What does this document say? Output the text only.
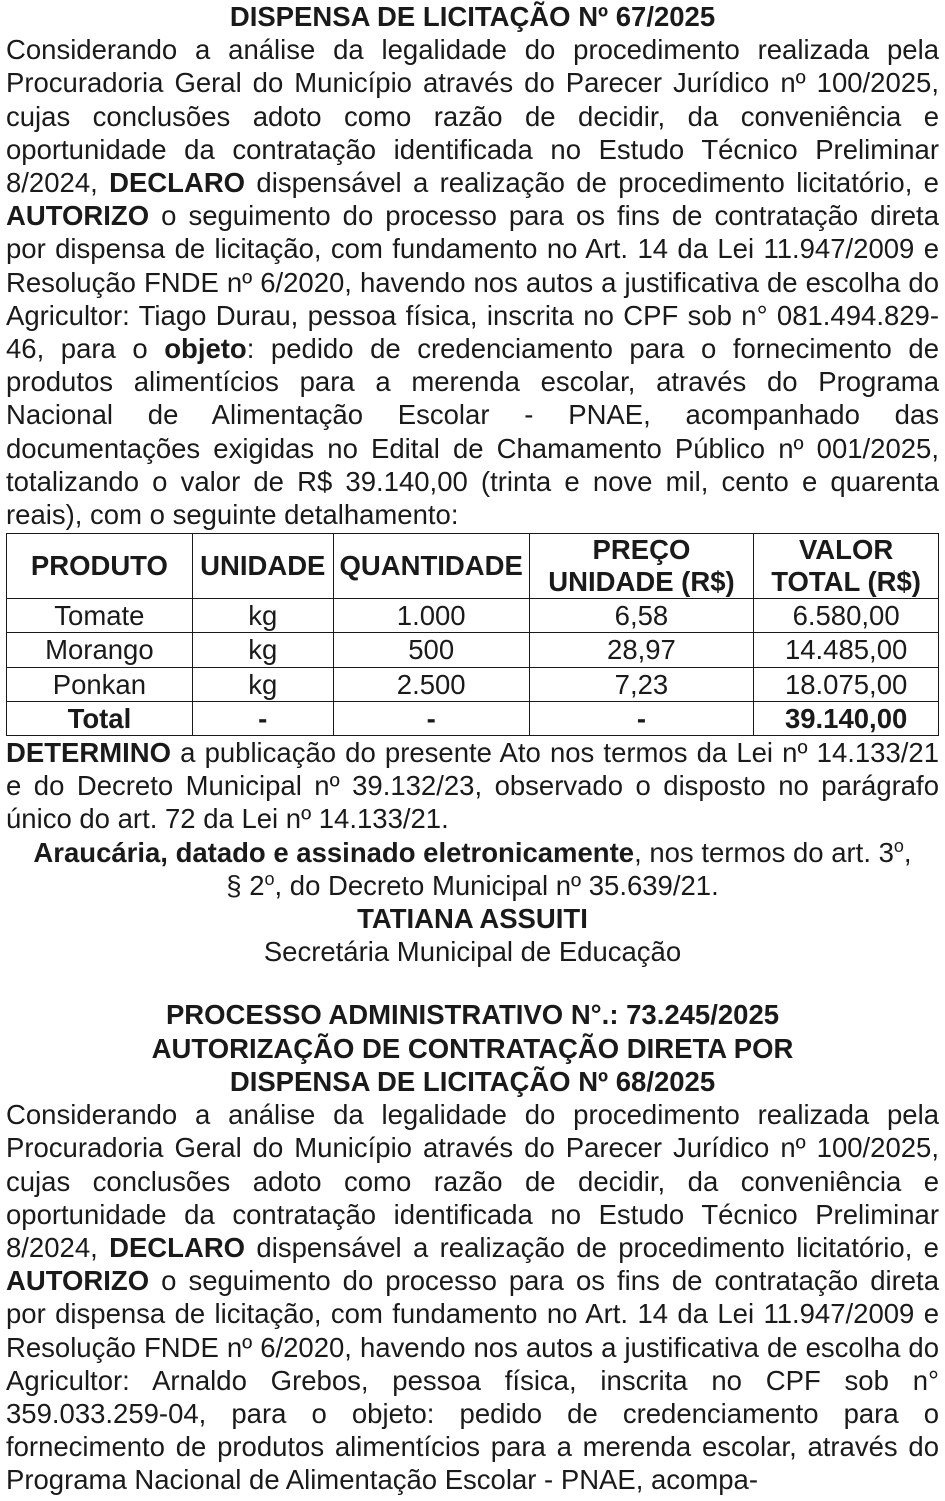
DISPENSA DE LICITAÇÃO Nº 67/2025

Considerando a análise da legalidade do procedimento realizada pela Procuradoria Geral do Município através do Parecer Jurídico nº 100/2025, cujas conclusões adoto como razão de decidir, da conveniência e oportunidade da contratação identificada no Estudo Técnico Preliminar 8/2024, DECLARO dispensável a realização de procedimento licitatório, e AUTORIZO o seguimento do processo para os fins de contratação direta por dispensa de licitação, com fundamento no Art. 14 da Lei 11.947/2009 e Resolução FNDE nº 6/2020, havendo nos autos a justificativa de escolha do Agricultor: Tiago Durau, pessoa física, inscrita no CPF sob n° 081.494.829-46, para o objeto: pedido de credenciamento para o fornecimento de produtos alimentícios para a merenda escolar, através do Programa Nacional de Alimentação Escolar - PNAE, acompanhado das documentações exigidas no Edital de Chamamento Público nº 001/2025, totalizando o valor de R$ 39.140,00 (trinta e nove mil, cento e quarenta reais), com o seguinte detalhamento:

PRODUTO	UNIDADE	QUANTIDADE	PREÇO UNIDADE (R$)	VALOR TOTAL (R$)
Tomate	kg	1.000	6,58	6.580,00
Morango	kg	500	28,97	14.485,00
Ponkan	kg	2.500	7,23	18.075,00
Total	-	-	-	39.140,00

DETERMINO a publicação do presente Ato nos termos da Lei nº 14.133/21 e do Decreto Municipal nº 39.132/23, observado o disposto no parágrafo único do art. 72 da Lei nº 14.133/21.

Araucária, datado e assinado eletronicamente, nos termos do art. 3$^o$,
§ 2$^o$, do Decreto Municipal nº 35.639/21.

TATIANA ASSUITI

Secretária Municipal de Educação

PROCESSO ADMINISTRATIVO N°.: 73.245/2025

AUTORIZAÇÃO DE CONTRATAÇÃO DIRETA POR

DISPENSA DE LICITAÇÃO Nº 68/2025

Considerando a análise da legalidade do procedimento realizada pela Procuradoria Geral do Município através do Parecer Jurídico nº 100/2025, cujas conclusões adoto como razão de decidir, da conveniência e oportunidade da contratação identificada no Estudo Técnico Preliminar 8/2024, DECLARO dispensável a realização de procedimento licitatório, e AUTORIZO o seguimento do processo para os fins de contratação direta por dispensa de licitação, com fundamento no Art. 14 da Lei 11.947/2009 e Resolução FNDE nº 6/2020, havendo nos autos a justificativa de escolha do Agricultor: Arnaldo Grebos, pessoa física, inscrita no CPF sob n° 359.033.259-04, para o objeto: pedido de credenciamento para o fornecimento de produtos alimentícios para a merenda escolar, através do Programa Nacional de Alimentação Escolar - PNAE, acompa-
